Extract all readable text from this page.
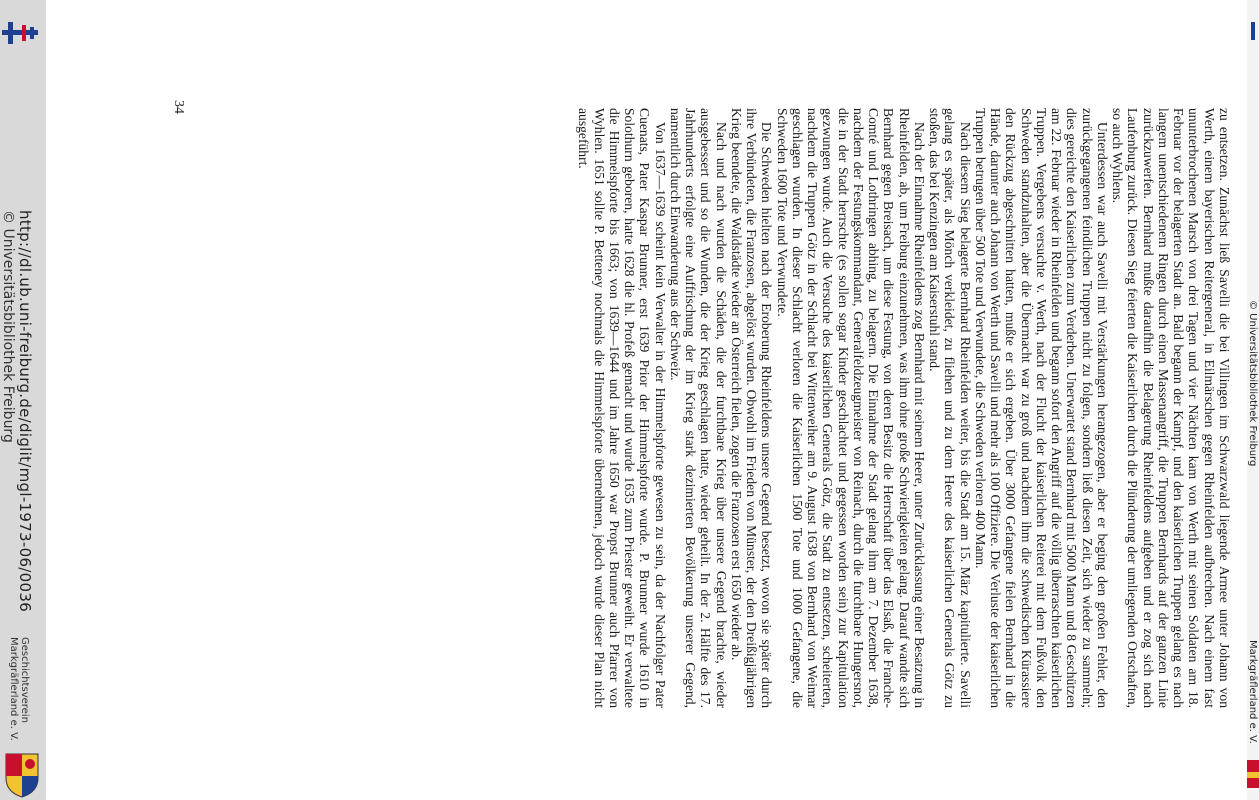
http://dl.ub.uni-freiburg.de/diglit/mgl-1973-06/0036
© Universitätsbibliothek Freiburg
Geschichtsverein
Markgräflerland e. V.	Markgräflerland e. V.
© Universitätsbibliothek Freiburg

zu entsetzen. Zunächst ließ Savelli die bei Villingen im Schwarzwald liegende Armee unter Johann von Werth, einem bayerischen Reitergeneral, in Eilmärschen gegen Rheinfelden aufbrechen. Nach einem fast ununterbrochenen Marsch von drei Tagen und vier Nächten kam von Werth mit seinen Soldaten am 18. Februar vor der belagerten Stadt an. Bald begann der Kampf, und den kaiserlichen Truppen gelang es nach langem unentschiedenem Ringen durch einen Massenangriff, die Truppen Bernhards auf der ganzen Linie zurückzuwerfen. Bernhard mußte daraufhin die Belagerung Rheinfeldens aufgeben und er zog sich nach Laufenburg zurück. Diesen Sieg feierten die Kaiserlichen durch die Plünderung der umliegenden Ortschaften, so auch Wyhlens.

Unterdessen war auch Savelli mit Verstärkungen herangezogen, aber er beging den großen Fehler, den zurückgegangenen feindlichen Truppen nicht zu folgen, sondern ließ diesen Zeit, sich wieder zu sammeln; dies gereichte den Kaiserlichen zum Verderben. Unerwartet stand Bernhard mit 5000 Mann und 8 Geschützen am 22. Februar wieder in Rheinfelden und begann sofort den Angriff auf die völlig überraschten kaiserlichen Truppen. Vergebens versuchte v. Werth, nach der Flucht der kaiserlichen Reiterei mit dem Fußvolk den Schweden standzuhalten, aber die Übermacht war zu groß und nachdem ihm die schwedischen Kürassiere den Rückzug abgeschnitten hatten, mußte er sich ergeben. Über 3000 Gefangene fielen Bernhard in die Hände, darunter auch Johann von Werth und Savelli und mehr als 100 Offiziere. Die Verluste der kaiserlichen Truppen betrugen über 500 Tote und Verwundete, die Schweden verloren 400 Mann.

Nach diesem Sieg belagerte Bernhard Rheinfelden weiter, bis die Stadt am 15. März kapitulierte. Savelli gelang es später, als Mönch verkleidet, zu fliehen und zu dem Heere des kaiserlichen Generals Götz zu stoßen, das bei Kenzingen am Kaiserstuhl stand.

Nach der Einnahme Rheinfeldens zog Bernhard mit seinem Heere, unter Zurücklassung einer Besatzung in Rheinfelden, ab, um Freiburg einzunehmen, was ihm ohne große Schwierigkeiten gelang. Darauf wandte sich Bernhard gegen Breisach, um diese Festung, von deren Besitz die Herrschaft über das Elsaß, die Franche-Comté und Lothringen abhing, zu belagern. Die Einnahme der Stadt gelang ihm am 7. Dezember 1638, nachdem der Festungskommandant, Generalfeldzeugmeister von Reinach, durch die furchtbare Hungersnot, die in der Stadt herrschte (es sollen sogar Kinder geschlachtet und gegessen worden sein) zur Kapitulation gezwungen wurde. Auch die Versuche des kaiserlichen Generals Götz, die Stadt zu entsetzen, scheiterten, nachdem die Truppen Götz in der Schlacht bei Wittenweiher am 9. August 1638 von Bernhard von Weimar geschlagen wurden. In dieser Schlacht verloren die Kaiserlichen 1500 Tote und 1000 Gefangene, die Schweden 1600 Tote und Verwundete.

Die Schweden hielten nach der Eroberung Rheinfeldens unsere Gegend besetzt, wovon sie später durch ihre Verbündeten, die Franzosen, abgelöst wurden. Obwohl im Frieden von Münster, der den Dreißigjährigen Krieg beendete, die Waldstädte wieder an Österreich fielen, zogen die Franzosen erst 1650 wieder ab.

Nach und nach wurden die Schäden, die der furchtbare Krieg über unsere Gegend brachte, wieder ausgebessert und so die Wunden, die der Krieg geschlagen hatte, wieder geheilt. In der 2. Hälfte des 17. Jahrhunderts erfolgte eine Auffrischung der im Krieg stark dezimierten Bevölkerung unserer Gegend, namentlich durch Einwanderung aus der Schweiz.

Von 1637—1639 scheint kein Verwalter in der Himmelspforte gewesen zu sein, da der Nachfolger Pater Cuenats, Pater Kaspar Brunner, erst 1639 Prior der Himmelspforte wurde. P. Brunner wurde 1610 in Solothurn geboren, hatte 1628 die hl. Profeß gemacht und wurde 1635 zum Priester geweiht. Er verwaltete die Himmelspforte bis 1663; von 1639—1644 und im Jahre 1650 war Propst Brunner auch Pfarrer von Wyhlen. 1651 sollte P. Betteney nochmals die Himmelspforte übernehmen, jedoch wurde dieser Plan nicht ausgeführt.

34
